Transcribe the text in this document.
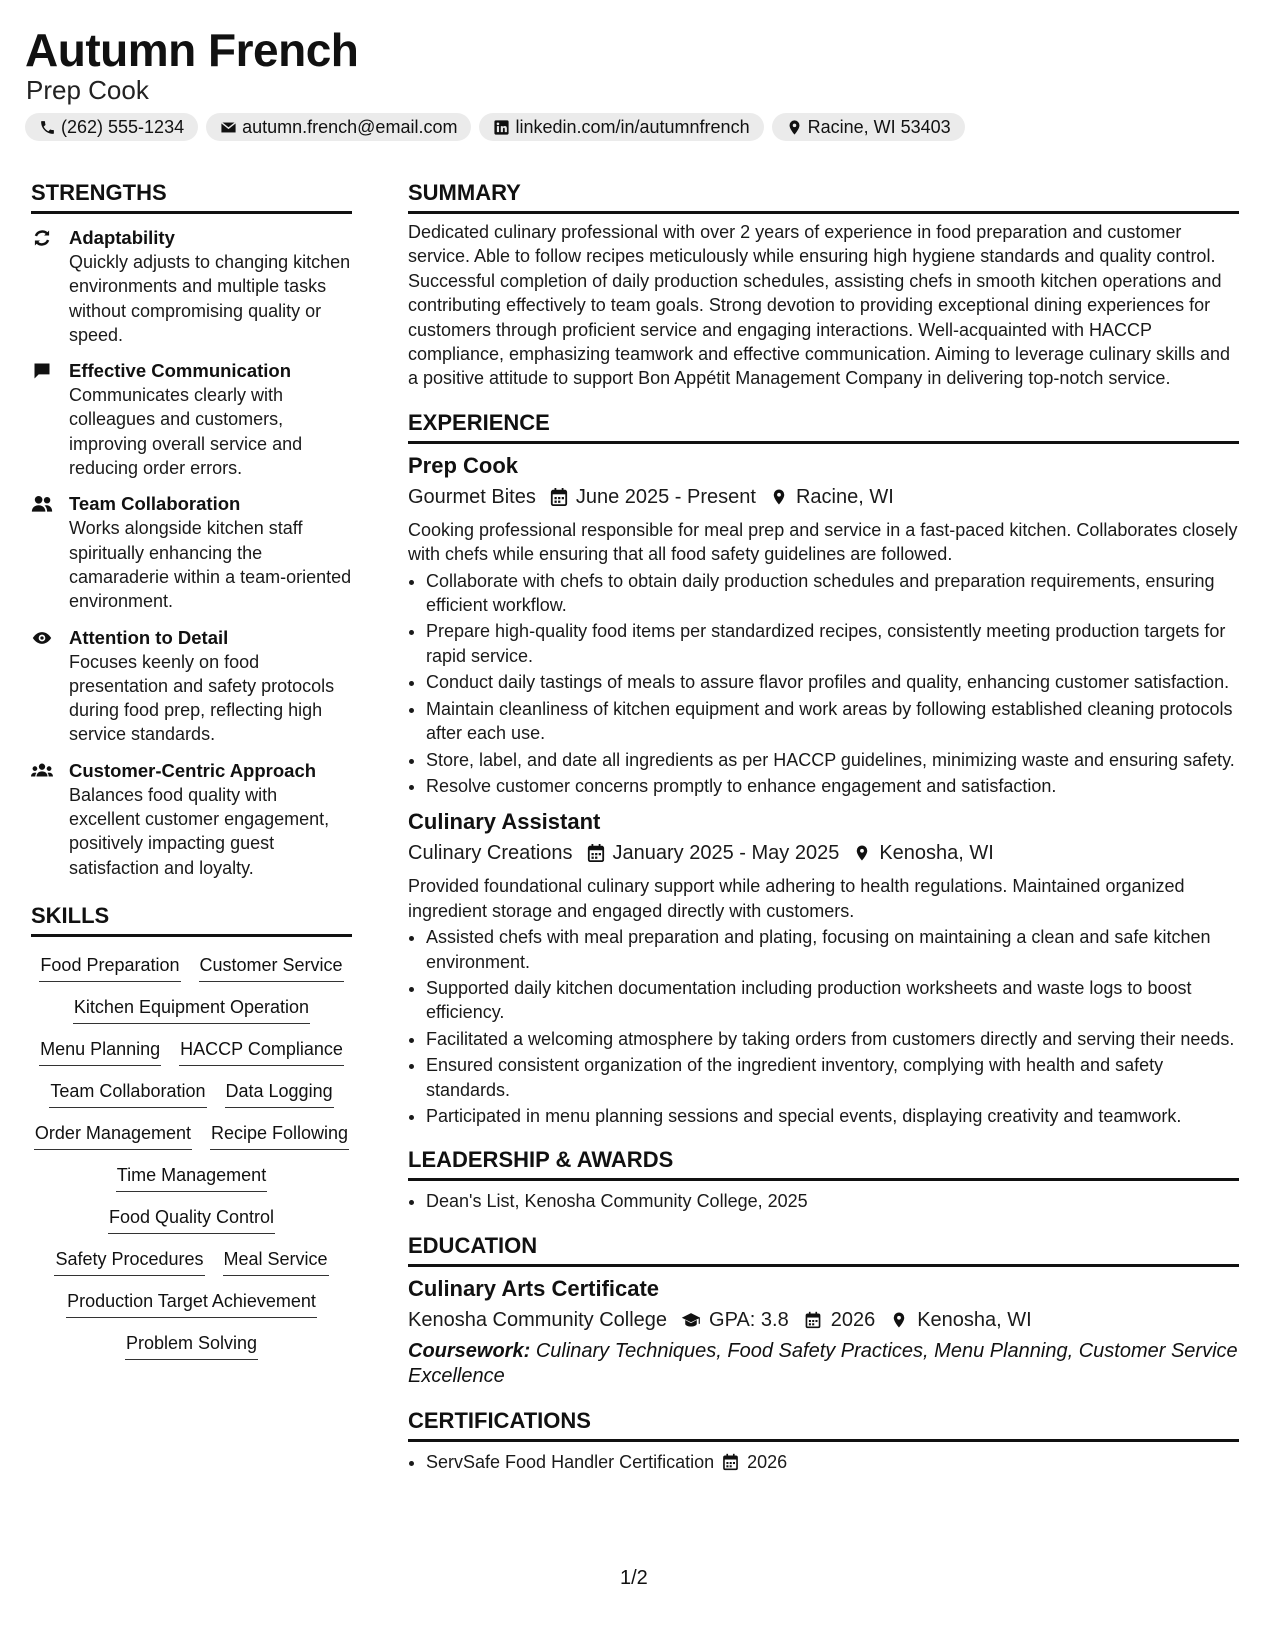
Autumn French
Prep Cook
(262) 555-1234	autumn.french@email.com	linkedin.com/in/autumnfrench	Racine, WI 53403
STRENGTHS
Adaptability
Quickly adjusts to changing kitchen environments and multiple tasks without compromising quality or speed.
Effective Communication
Communicates clearly with colleagues and customers, improving overall service and reducing order errors.
Team Collaboration
Works alongside kitchen staff spiritually enhancing the camaraderie within a team-oriented environment.
Attention to Detail
Focuses keenly on food presentation and safety protocols during food prep, reflecting high service standards.
Customer-Centric Approach
Balances food quality with excellent customer engagement, positively impacting guest satisfaction and loyalty.
SKILLS
Food Preparation Customer Service
Kitchen Equipment Operation
Menu Planning HACCP Compliance
Team Collaboration Data Logging
Order Management Recipe Following
Time Management
Food Quality Control
Safety Procedures Meal Service
Production Target Achievement
Problem Solving
SUMMARY

Dedicated culinary professional with over 2 years of experience in food preparation and customer service. Able to follow recipes meticulously while ensuring high hygiene standards and quality control. Successful completion of daily production schedules, assisting chefs in smooth kitchen operations and contributing effectively to team goals. Strong devotion to providing exceptional dining experiences for customers through proficient service and engaging interactions. Well-acquainted with HACCP compliance, emphasizing teamwork and effective communication. Aiming to leverage culinary skills and a positive attitude to support Bon Appétit Management Company in delivering top-notch service.

EXPERIENCE
Prep Cook
Gourmet Bites June 2025 - Present Racine, WI
Cooking professional responsible for meal prep and service in a fast-paced kitchen. Collaborates closely with chefs while ensuring that all food safety guidelines are followed.
• Collaborate with chefs to obtain daily production schedules and preparation requirements, ensuring efficient workflow.
• Prepare high-quality food items per standardized recipes, consistently meeting production targets for rapid service.
• Conduct daily tastings of meals to assure flavor profiles and quality, enhancing customer satisfaction.
• Maintain cleanliness of kitchen equipment and work areas by following established cleaning protocols after each use.
• Store, label, and date all ingredients as per HACCP guidelines, minimizing waste and ensuring safety.
• Resolve customer concerns promptly to enhance engagement and satisfaction.
Culinary Assistant
Culinary Creations January 2025 - May 2025 Kenosha, WI
Provided foundational culinary support while adhering to health regulations. Maintained organized ingredient storage and engaged directly with customers.
• Assisted chefs with meal preparation and plating, focusing on maintaining a clean and safe kitchen environment.
• Supported daily kitchen documentation including production worksheets and waste logs to boost efficiency.
• Facilitated a welcoming atmosphere by taking orders from customers directly and serving their needs.
• Ensured consistent organization of the ingredient inventory, complying with health and safety standards.
• Participated in menu planning sessions and special events, displaying creativity and teamwork.
LEADERSHIP & AWARDS
• Dean's List, Kenosha Community College, 2025
EDUCATION
Culinary Arts Certificate
Kenosha Community College GPA: 3.8 2026 Kenosha, WI
Coursework: Culinary Techniques, Food Safety Practices, Menu Planning, Customer Service Excellence
CERTIFICATIONS
• ServSafe Food Handler Certification 2026
1/2
